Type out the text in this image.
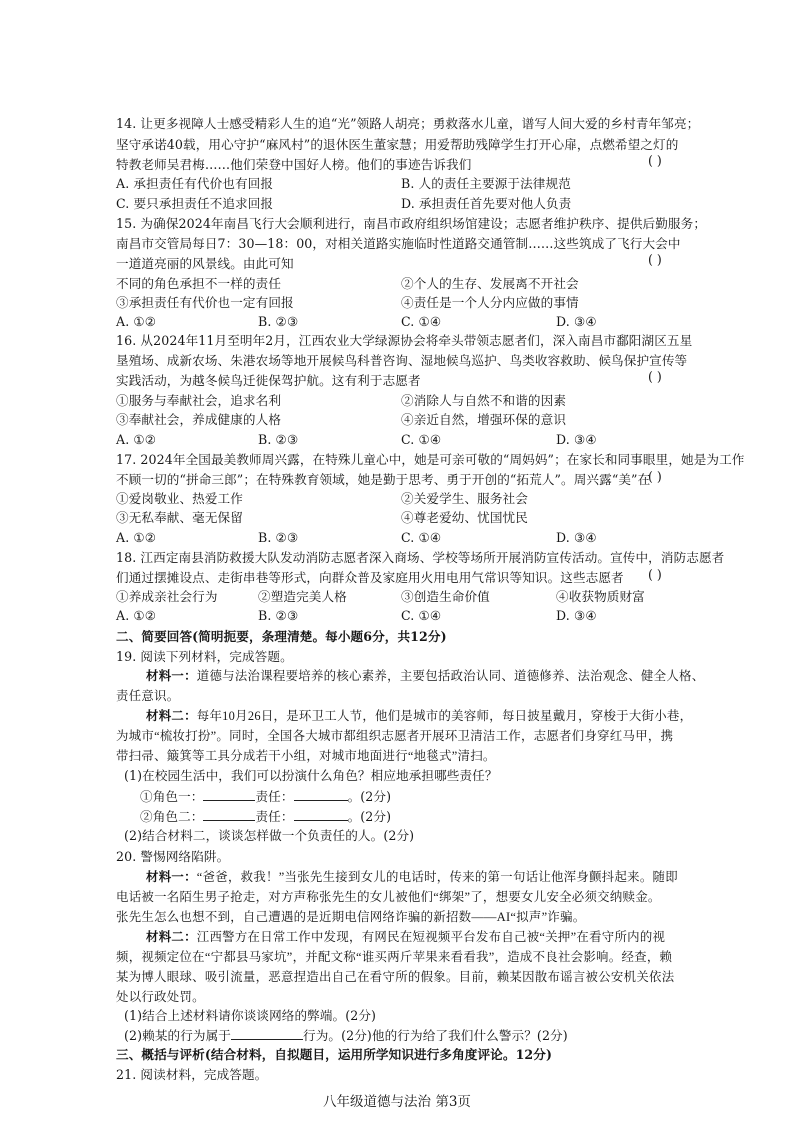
14. 让更多视障人士感受精彩人生的追“光”领路人胡亮；勇救落水儿童，谱写人间大爱的乡村青年邹亮；
坚守承诺40载，用心守护“麻风村”的退休医生董家慧；用爱帮助残障学生打开心扉，点燃希望之灯的
特教老师吴君梅……他们荣登中国好人榜。他们的事迹告诉我们	( )
A. 承担责任有代价也有回报	B. 人的责任主要源于法律规范
C. 要只承担责任不追求回报	D. 承担责任首先要对他人负责
15. 为确保2024年南昌飞行大会顺利进行，南昌市政府组织场馆建设；志愿者维护秩序、提供后勤服务；
南昌市交管局每日7：30—18：00，对相关道路实施临时性道路交通管制……这些筑成了飞行大会中
一道道亮丽的风景线。由此可知	( )
不同的角色承担不一样的责任	②个人的生存、发展离不开社会
③承担责任有代价也一定有回报	④责任是一个人分内应做的事情
A. ①②	B. ②③	C. ①④	D. ③④
16. 从2024年11月至明年2月，江西农业大学绿源协会将牵头带领志愿者们，深入南昌市鄱阳湖区五星
垦殖场、成新农场、朱港农场等地开展候鸟科普咨询、湿地候鸟巡护、鸟类收容救助、候鸟保护宣传等
实践活动，为越冬候鸟迁徙保驾护航。这有利于志愿者	( )
①服务与奉献社会，追求名利	②消除人与自然不和谐的因素
③奉献社会，养成健康的人格	④亲近自然，增强环保的意识
A. ①②	B. ②③	C. ①④	D. ③④
17. 2024年全国最美教师周兴露，在特殊儿童心中，她是可亲可敬的“周妈妈”；在家长和同事眼里，她是为工作
不顾一切的“拼命三郎”；在特殊教育领域，她是勤于思考、勇于开创的“拓荒人”。周兴露“美”在
( )
①爱岗敬业、热爱工作	②关爱学生、服务社会
③无私奉献、毫无保留	④尊老爱幼、忧国忧民
A. ①②	B. ②③	C. ①④	D. ③④
18. 江西定南县消防救援大队发动消防志愿者深入商场、学校等场所开展消防宣传活动。宣传中，消防志愿者
们通过摆摊设点、走街串巷等形式，向群众普及家庭用火用电用气常识等知识。这些志愿者 ( )
①养成亲社会行为	②塑造完美人格	③创造生命价值	④收获物质财富
A. ①②	B. ②③	C. ①④	D. ③④
二、简要回答(简明扼要，条理清楚。每小题6分，共12分)
19. 阅读下列材料，完成答题。
材料一：道德与法治课程要培养的核心素养，主要包括政治认同、道德修养、法治观念、健全人格、
责任意识。
材料二：每年10月26日，是环卫工人节，他们是城市的美容师，每日披星戴月，穿梭于大街小巷，
为城市“梳妆打扮”。同时，全国各大城市都组织志愿者开展环卫清洁工作，志愿者们身穿红马甲，携
带扫帚、簸箕等工具分成若干小组，对城市地面进行“地毯式”清扫。
(1)在校园生活中，我们可以扮演什么角色？相应地承担哪些责任？
①角色一：	责任：	。(2分)
②角色二：	责任：	。(2分)
(2)结合材料二，谈谈怎样做一个负责任的人。(2分)
20. 警惕网络陷阱。
材料一：“爸爸，救我！”当张先生接到女儿的电话时，传来的第一句话让他浑身颤抖起来。随即
电话被一名陌生男子抢走，对方声称张先生的女儿被他们“绑架”了，想要女儿安全必须交纳赎金。
张先生怎么也想不到，自己遭遇的是近期电信网络诈骗的新招数——AI“拟声”诈骗。
材料二：江西警方在日常工作中发现，有网民在短视频平台发布自己被“关押”在看守所内的视
频，视频定位在“宁都县马家坑”，并配文称“谁买两斤苹果来看看我”，造成不良社会影响。经查，赖
某为博人眼球、吸引流量，恶意捏造出自己在看守所的假象。目前，赖某因散布谣言被公安机关依法
处以行政处罚。
(1)结合上述材料请你谈谈网络的弊端。(2分)
(2)赖某的行为属于	行为。(2分)他的行为给了我们什么警示？(2分)
八年级道德与法治 第3页
三、概括与评析(结合材料，自拟题目，运用所学知识进行多角度评论。12分)
21. 阅读材料，完成答题。
